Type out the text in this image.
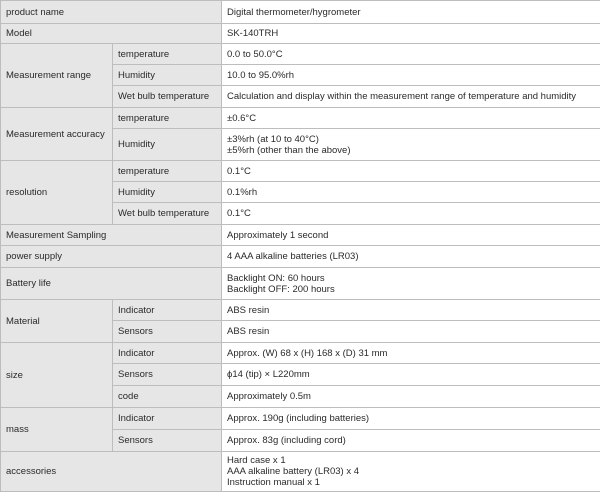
product name		Digital thermometer/hygrometer
Model		SK-140TRH
Measurement range	temperature	0.0 to 50.0°C
	Humidity	10.0 to 95.0%rh
	Wet bulb temperature	Calculation and display within the measurement range of temperature and humidity
Measurement accuracy	temperature	±0.6°C
	Humidity	±3%rh (at 10 to 40°C)
±5%rh (other than the above)

resolution	temperature	0.1°C
	Humidity	0.1%rh
	Wet bulb temperature	0.1°C
Measurement Sampling		Approximately 1 second
power supply		4 AAA alkaline batteries (LR03)
Battery life		Backlight ON: 60 hours
Backlight OFF: 200 hours

Material	Indicator	ABS resin
	Sensors	ABS resin
size	Indicator	Approx. (W) 68 x (H) 168 x (D) 31 mm
	Sensors	ϕ14 (tip) × L220mm
	code	Approximately 0.5m
mass	Indicator	Approx. 190g (including batteries)
	Sensors	Approx. 83g (including cord)
accessories		Hard case x 1
AAA alkaline battery (LR03) x 4
Instruction manual x 1
